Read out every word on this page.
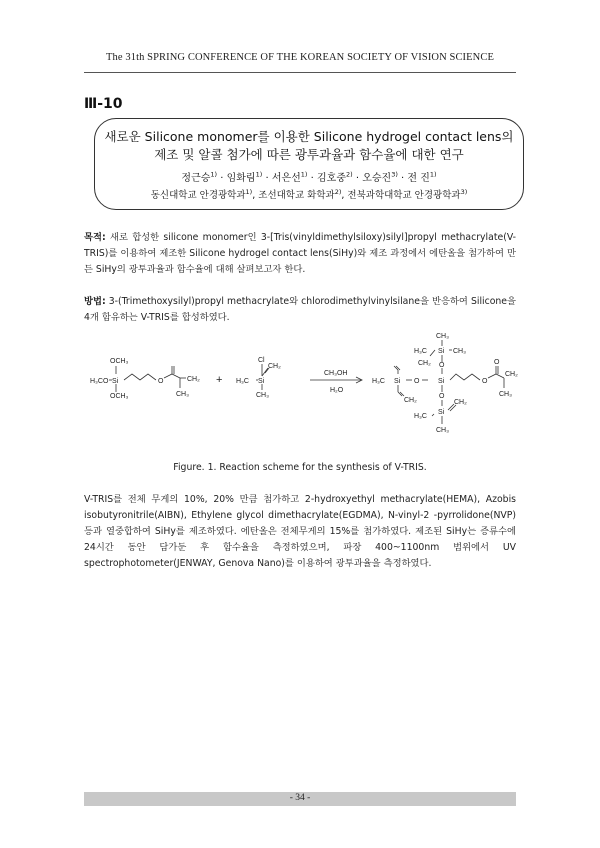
The 31th SPRING CONFERENCE OF THE KOREAN SOCIETY OF VISION SCIENCE
Ⅲ-10
새로운 Silicone monomer를 이용한 Silicone hydrogel contact lens의
제조 및 알콜 첨가에 따른 광투과율과 함수율에 대한 연구
정근승$^{1)}$ · 임화림$^{1)}$ · 서은선$^{1)}$ · 김호중$^{2)}$ · 오승진$^{3)}$ · 전 진$^{1)}$
동신대학교 안경광학과$^{1)}$, 조선대학교 화학과$^{2)}$, 전북과학대학교 안경광학과$^{3)}$
목적: 새로 합성한 silicone monomer인 3-[Tris(vinyldimethylsiloxy)silyl]propyl methacrylate(V-TRIS)를 이용하여 제조한 Silicone hydrogel contact lens(SiHy)와 제조 과정에서 에탄올을 첨가하여 만든 SiHy의 광투과율과 함수율에 대해 살펴보고자 한다.
방법: 3-(Trimethoxysilyl)propyl methacrylate와 chlorodimethylvinylsilane을 반응하여 Silicone을 4개 함유하는 V-TRIS를 합성하였다.
OCH₃
H₃CO Si
OCH₃
O	CH₂
CH₃
+
Cl
CH₂
H₃C Si
CH₃
CH₃OH
H₂O
CH₃
Si CH₃
H₃C
CH₂ O
H₃C Si O	Si
CH₂
O
H₃C
Si
CH₂
CH₃
O
O
CH₂
CH₃
Figure. 1. Reaction scheme for the synthesis of V-TRIS.
V-TRIS를 전체 무게의 10%, 20% 만큼 첨가하고 2-hydroxyethyl methacrylate(HEMA), Azobis isobutyronitrile(AIBN), Ethylene glycol dimethacrylate(EGDMA), N-vinyl-2 -pyrrolidone(NVP) 등과 열중합하여 SiHy를 제조하였다. 에탄올은 전체무게의 15%를 첨가하였다. 제조된 SiHy는 증류수에 24시간 동안 담가둔 후 함수율을 측정하였으며, 파장 400~1100nm 범위에서 UV spectrophotometer(JENWAY, Genova Nano)를 이용하여 광투과율을 측정하였다.
- 34 -
